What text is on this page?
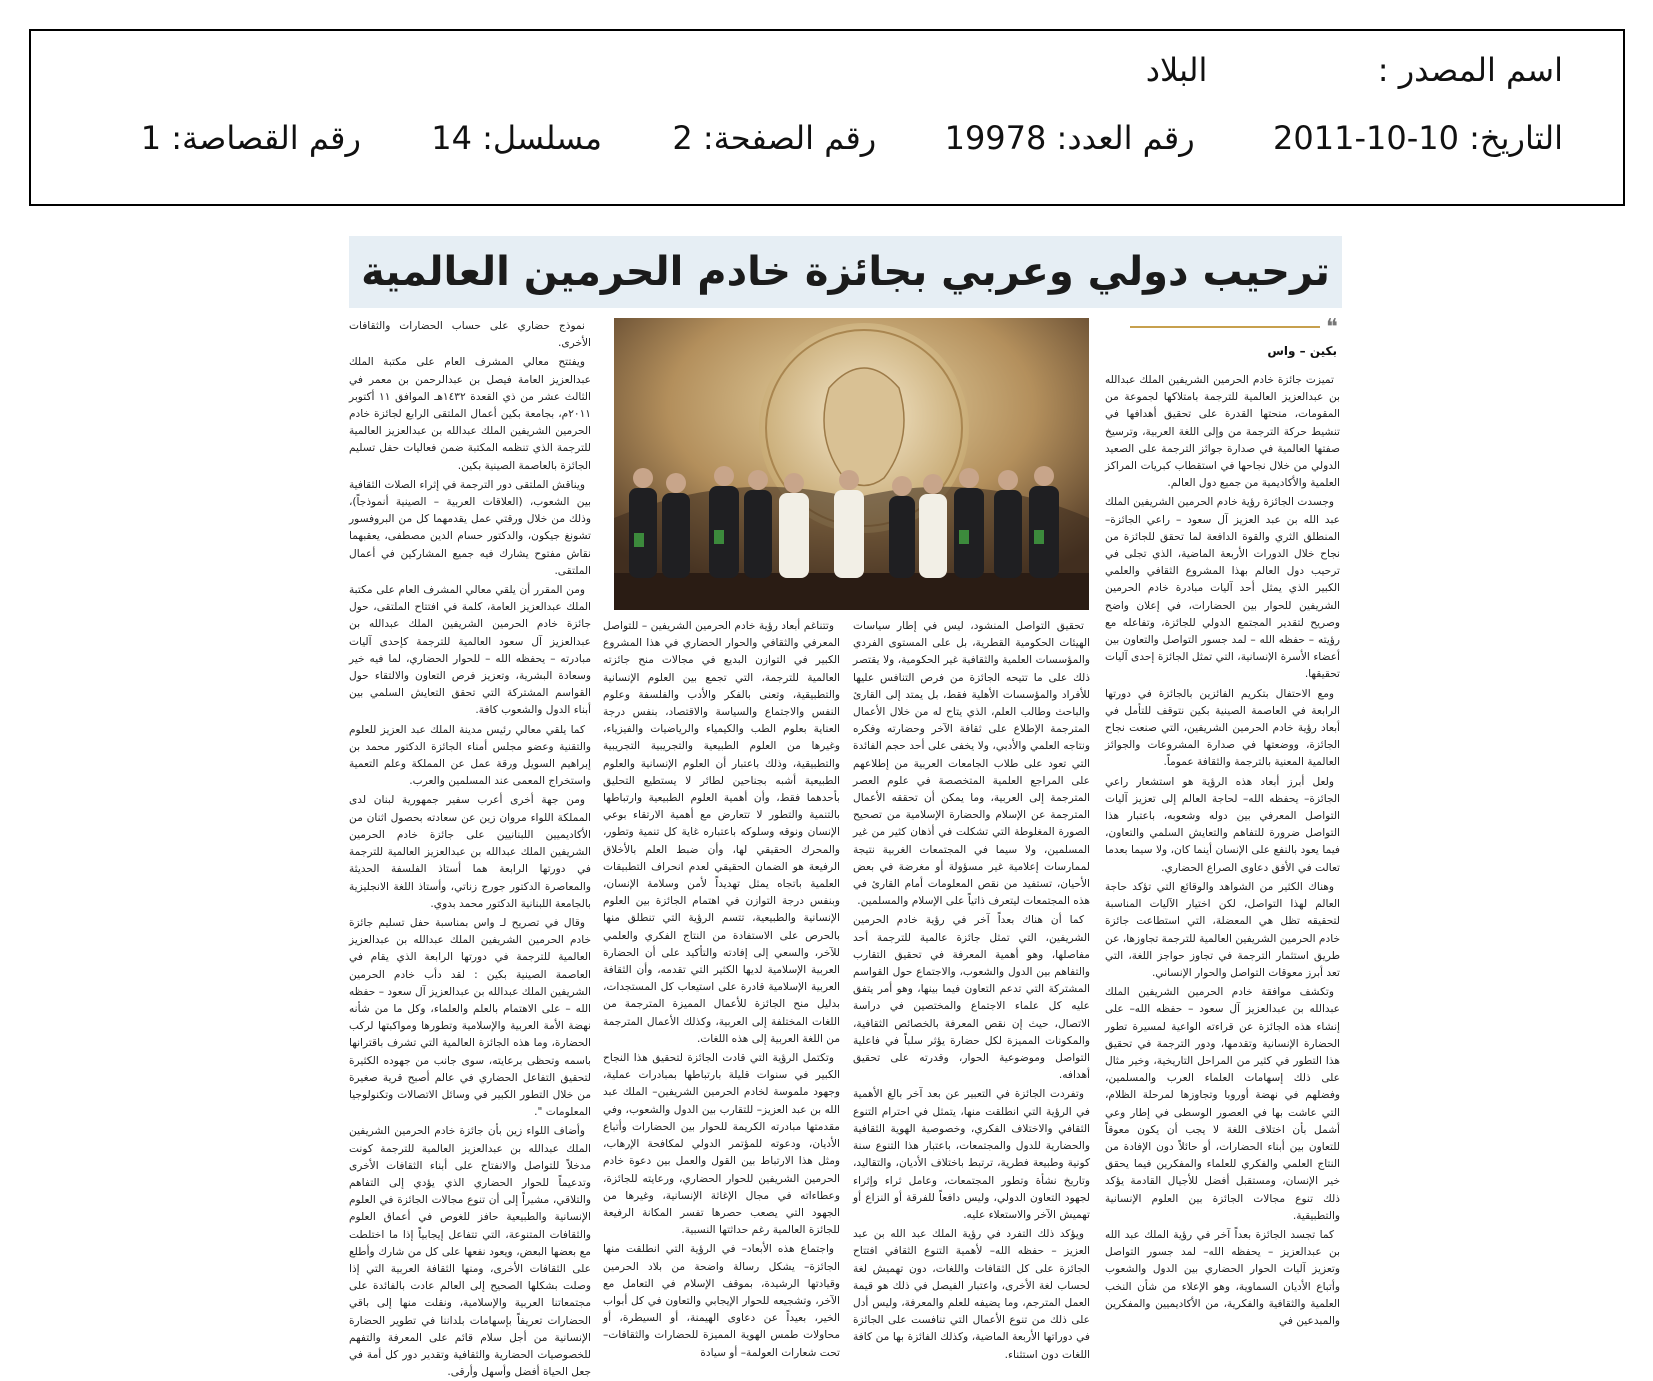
اسم المصدر :  البلاد
التاريخ: 2011-10-10  رقم العدد: 19978  رقم الصفحة: 2  مسلسل: 14  رقم القصاصة: 1
ترحيب دولي وعربي بجائزة خادم الحرمين العالمية
❝
بكين – واس

تميزت جائزة خادم الحرمين الشريفين الملك عبدالله بن عبدالعزيز العالمية للترجمة بامتلاكها لجموعة من المقومات، منحتها القدرة على تحقيق أهدافها في تنشيط حركة الترجمة من وإلى اللغة العربية، وترسيخ صفتها العالمية في صدارة جوائز الترجمة على الصعيد الدولي من خلال نجاحها في استقطاب كبريات المراكز العلمية والأكاديمية من جميع دول العالم.

وجسدت الجائزة رؤية خادم الحرمين الشريفين الملك عبد الله بن عبد العزيز آل سعود – راعي الجائزة– المنطلق الثري والقوة الدافعة لما تحقق للجائزة من نجاح خلال الدورات الأربعة الماضية، الذي تجلى في ترحيب دول العالم بهذا المشروع الثقافي والعلمي الكبير الذي يمثل أحد آليات مبادرة خادم الحرمين الشريفين للحوار بين الحضارات، في إعلان واضح وصريح لتقدير المجتمع الدولي للجائزة، وتفاعله مع رؤيته – حفظه الله – لمد جسور التواصل والتعاون بين أعضاء الأسرة الإنسانية، التي تمثل الجائزة إحدى آليات تحقيقها.

ومع الاحتفال بتكريم الفائزين بالجائزة في دورتها الرابعة في العاصمة الصينية بكين نتوقف للتأمل في أبعاد رؤية خادم الحرمين الشريفين، التي صنعت نجاح الجائزة، ووضعتها في صدارة المشروعات والجوائز العالمية المعنية بالترجمة والثقافة عموماً.

ولعل أبرز أبعاد هذه الرؤية هو استشعار راعي الجائزة– يحفظه الله– لحاجة العالم إلى تعزيز آليات التواصل المعرفي بين دوله وشعوبه، باعتبار هذا التواصل ضرورة للتفاهم والتعايش السلمي والتعاون، فيما يعود بالنفع على الإنسان أينما كان، ولا سيما بعدما تعالت في الأفق دعاوى الصراع الحضاري.

وهناك الكثير من الشواهد والوقائع التي تؤكد حاجة العالم لهذا التواصل، لكن اختيار الآليات المناسبة لتحقيقه تظل هي المعضلة، التي استطاعت جائزة خادم الحرمين الشريفين العالمية للترجمة تجاوزها، عن طريق استثمار الترجمة في تجاوز حواجز اللغة، التي تعد أبرز معوقات التواصل والحوار الإنساني.

وتكشف موافقة خادم الحرمين الشريفين الملك عبدالله بن عبدالعزيز آل سعود – حفظه الله– على إنشاء هذه الجائزة عن قراءته الواعية لمسيرة تطور الحضارة الإنسانية وتقدمها، ودور الترجمة في تحقيق هذا التطور في كثير من المراحل التاريخية، وخير مثال على ذلك إسهامات العلماء العرب والمسلمين، وفضلهم في نهضة أوروبا وتجاوزها لمرحلة الظلام، التي عاشت بها في العصور الوسطى في إطار وعي أشمل بأن اختلاف اللغة لا يجب أن يكون معوقاً للتعاون بين أبناء الحضارات، أو حائلاً دون الإفادة من النتاج العلمي والفكري للعلماء والمفكرين فيما يحقق خير الإنسان، ومستقبل أفضل للأجيال القادمة يؤكد ذلك تنوع مجالات الجائزة بين العلوم الإنسانية والتطبيقية.

كما تجسد الجائزة بعداً آخر في رؤية الملك عبد الله بن عبدالعزيز – يحفظه الله– لمد جسور التواصل وتعزيز آليات الحوار الحضاري بين الدول والشعوب وأتباع الأديان السماوية، وهو الإعلاء من شأن النخب العلمية والثقافية والفكرية، من الأكاديميين والمفكرين والمبدعين في

تحقيق التواصل المنشود، ليس في إطار سياسات الهيئات الحكومية القطرية، بل على المستوى الفردي والمؤسسات العلمية والثقافية غير الحكومية، ولا يقتصر ذلك على ما تتيحه الجائزة من فرص التنافس عليها للأفراد والمؤسسات الأهلية فقط، بل يمتد إلى القارئ والباحث وطالب العلم، الذي يتاح له من خلال الأعمال المترجمة الإطلاع على ثقافة الآخر وحضارته وفكره ونتاجه العلمي والأدبي، ولا يخفى على أحد حجم الفائدة التي تعود على طلاب الجامعات العربية من إطلاعهم على المراجع العلمية المتخصصة في علوم العصر المترجمة إلى العربية، وما يمكن أن تحققه الأعمال المترجمة عن الإسلام والحضارة الإسلامية من تصحيح الصورة المغلوطة التي تشكلت في أذهان كثير من غير المسلمين، ولا سيما في المجتمعات الغربية نتيجة لممارسات إعلامية غير مسؤولة أو مغرضة في بعض الأحيان، تستفيد من نقص المعلومات أمام القارئ في هذه المجتمعات ليتعرف ذاتياً على الإسلام والمسلمين.

كما أن هناك بعداً آخر في رؤية خادم الحرمين الشريفين، التي تمثل جائزة عالمية للترجمة أحد مفاصلها، وهو أهمية المعرفة في تحقيق التقارب والتفاهم بين الدول والشعوب، والاجتماع حول القواسم المشتركة التي تدعم التعاون فيما بينها، وهو أمر يتفق عليه كل علماء الاجتماع والمختصين في دراسة الاتصال، حيث إن نقص المعرفة بالخصائص الثقافية، والمكونات المميزة لكل حضارة يؤثر سلباً في فاعلية التواصل وموضوعية الحوار، وقدرته على تحقيق أهدافه.

وتفردت الجائزة في التعبير عن بعد آخر بالغ الأهمية في الرؤية التي انطلقت منها، يتمثل في احترام التنوع الثقافي والاختلاف الفكري، وخصوصية الهوية الثقافية والحضارية للدول والمجتمعات، باعتبار هذا التنوع سنة كونية وطبيعة فطرية، ترتبط باختلاف الأديان، والتقاليد، وتاريخ نشأة وتطور المجتمعات، وعامل ثراء وإثراء لجهود التعاون الدولي، وليس دافعاً للفرقة أو النزاع أو تهميش الآخر والاستعلاء عليه.

ويؤكد ذلك التفرد في رؤية الملك عبد الله بن عبد العزيز – حفظه الله– لأهمية التنوع الثقافي افتتاح الجائزة على كل الثقافات واللغات، دون تهميش لغة لحساب لغة الأخرى، واعتبار الفيصل في ذلك هو قيمة العمل المترجم، وما يضيفه للعلم والمعرفة، وليس أدل على ذلك من تنوع الأعمال التي تنافست على الجائزة في دوراتها الأربعة الماضية، وكذلك الفائزة بها من كافة اللغات دون استثناء.

وتتناغم أبعاد رؤية خادم الحرمين الشريفين – للتواصل المعرفي والثقافي والحوار الحضاري في هذا المشروع الكبير في التوازن البديع في مجالات منح جائزته العالمية للترجمة، التي تجمع بين العلوم الإنسانية والتطبيقية، وتعنى بالفكر والأدب والفلسفة وعلوم النفس والاجتماع والسياسة والاقتصاد، بنفس درجة العناية بعلوم الطب والكيمياء والرياضيات والفيزياء، وغيرها من العلوم الطبيعية والتجريبية التجريبية والتطبيقية، وذلك باعتبار أن العلوم الإنسانية والعلوم الطبيعية أشبه بجناحين لطائر لا يستطيع التحليق بأحدهما فقط، وأن أهمية العلوم الطبيعية وارتباطها بالتنمية والتطور لا تتعارض مع أهمية الارتقاء بوعي الإنسان ونوقه وسلوكه باعتباره غاية كل تنمية وتطور، والمحرك الحقيقي لها، وأن ضبط العلم بالأخلاق الرفيعة هو الضمان الحقيقي لعدم انحراف التطبيقات العلمية باتجاه يمثل تهديداً لأمن وسلامة الإنسان، وبنفس درجة التوازن في اهتمام الجائزة بين العلوم الإنسانية والطبيعية، تتسم الرؤية التي تنطلق منها بالحرص على الاستفادة من النتاج الفكري والعلمي للآخر، والسعي إلى إفادته والتأكيد على أن الحضارة العربية الإسلامية لديها الكثير التي تقدمه، وأن الثقافة العربية الإسلامية قادرة على استيعاب كل المستجدات، بدليل منح الجائزة للأعمال المميزة المترجمة من اللغات المختلفة إلى العربية، وكذلك الأعمال المترجمة من اللغة العربية إلى هذه اللغات.

وتكتمل الرؤية التي قادت الجائزة لتحقيق هذا النجاح الكبير في سنوات قليلة بارتباطها بمبادرات عملية، وجهود ملموسة لخادم الحرمين الشريفين– الملك عبد الله بن عبد العزيز– للتقارب بين الدول والشعوب، وفي مقدمتها مبادرته الكريمة للحوار بين الحضارات وأتباع الأديان، ودعوته للمؤتمر الدولي لمكافحة الإرهاب، ومثل هذا الارتباط بين القول والعمل بين دعوة خادم الحرمين الشريفين للحوار الحضاري، ورعايته للجائزة، وعطاءاته في مجال الإغاثة الإنسانية، وغيرها من الجهود التي يصعب حصرها تفسر المكانة الرفيعة للجائزة العالمية رغم حداثتها النسبية.

واجتماع هذه الأبعاد– في الرؤية التي انطلقت منها الجائزة– يشكل رسالة واضحة من بلاد الحرمين وقيادتها الرشيدة، بموقف الإسلام في التعامل مع الآخر، وتشجيعه للحوار الإيجابي والتعاون في كل أبواب الخير، بعيداً عن دعاوى الهيمنة، أو السيطرة، أو محاولات طمس الهوية المميزة للحضارات والثقافات– تحت شعارات العولمة– أو سيادة

نموذج حضاري على حساب الحضارات والثقافات الأخرى.

ويفتتح معالي المشرف العام على مكتبة الملك عبدالعزيز العامة فيصل بن عبدالرحمن بن معمر في الثالث عشر من ذي القعدة ١٤٣٢هـ الموافق ١١ أكتوبر ٢٠١١م، بجامعة بكين أعمال الملتقى الرابع لجائزة خادم الحرمين الشريفين الملك عبدالله بن عبدالعزيز العالمية للترجمة الذي تنظمه المكتبة ضمن فعاليات حفل تسليم الجائزة بالعاصمة الصينية بكين.

ويناقش الملتقى دور الترجمة في إثراء الصلات الثقافية بين الشعوب، (العلاقات العربية – الصينية أنموذجاً)، وذلك من خلال ورقتي عمل يقدمهما كل من البروفسور تشونغ جيكون، والدكتور حسام الدين مصطفى، يعقبهما نقاش مفتوح يشارك فيه جميع المشاركين في أعمال الملتقى.

ومن المقرر أن يلقي معالي المشرف العام على مكتبة الملك عبدالعزيز العامة، كلمة في افتتاح الملتقى، حول جائزة خادم الحرمين الشريفين الملك عبدالله بن عبدالعزيز آل سعود العالمية للترجمة كإحدى آليات مبادرته – يحفظه الله – للحوار الحضاري، لما فيه خير وسعادة البشرية، وتعزيز فرص التعاون والالتقاء حول القواسم المشتركة التي تحقق التعايش السلمي بين أبناء الدول والشعوب كافة.

كما يلقي معالي رئيس مدينة الملك عبد العزيز للعلوم والتقنية وعضو مجلس أمناء الجائزة الدكتور محمد بن إبراهيم السويل ورقة عمل عن المملكة وعلم التعمية واستخراج المعمى عند المسلمين والعرب.

ومن جهة أخرى أعرب سفير جمهورية لبنان لدى المملكة اللواء مروان زين عن سعادته بحصول اثنان من الأكاديميين اللبنانيين على جائزة خادم الحرمين الشريفين الملك عبدالله بن عبدالعزيز العالمية للترجمة في دورتها الرابعة هما أستاذ الفلسفة الحديثة والمعاصرة الدكتور جورج زناتي، وأستاذ اللغة الانجليزية بالجامعة اللبنانية الدكتور محمد بدوي.

وقال في تصريح لـ واس بمناسبة حفل تسليم جائزة خادم الحرمين الشريفين الملك عبدالله بن عبدالعزيز العالمية للترجمة في دورتها الرابعة الذي يقام في العاصمة الصينية بكين : لقد دأب خادم الحرمين الشريفين الملك عبدالله بن عبدالعزيز آل سعود – حفظه الله – على الاهتمام بالعلم والعلماء، وكل ما من شأنه نهضة الأمة العربية والإسلامية وتطورها ومواكبتها لركب الحضارة، وما هذه الجائزة العالمية التي تشرف باقترانها باسمه وتحظى برعايته، سوى جانب من جهوده الكثيرة لتحقيق التفاعل الحضاري في عالم أصبح قرية صغيرة من خلال التطور الكبير في وسائل الاتصالات وتكنولوجيا المعلومات ".

وأضاف اللواء زين بأن جائزة خادم الحرمين الشريفين الملك عبدالله بن عبدالعزيز العالمية للترجمة كونت مدخلاً للتواصل والانفتاح على أبناء الثقافات الأخرى وتدعيماً للحوار الحضاري الذي يؤدي إلى التفاهم والتلاقي، مشيراً إلى أن تنوع مجالات الجائزة في العلوم الإنسانية والطبيعية حافز للغوص في أعماق العلوم والثقافات المتنوعة، التي تتفاعل إيجابياً إذا ما اختلطت مع بعضها البعض، ويعود نفعها على كل من شارك وأطلع على الثقافات الأخرى، ومنها الثقافة العربية التي إذا وصلت بشكلها الصحيح إلى العالم عادت بالفائدة على مجتمعاتنا العربية والإسلامية، ونقلت منها إلى باقي الحضارات تعريفاً بإسهامات بلداننا في تطوير الحضارة الإنسانية من أجل سلام قائم على المعرفة والتفهم للخصوصيات الحضارية والثقافية وتقدير دور كل أمة في جعل الحياة أفضل وأسهل وأرقى.
